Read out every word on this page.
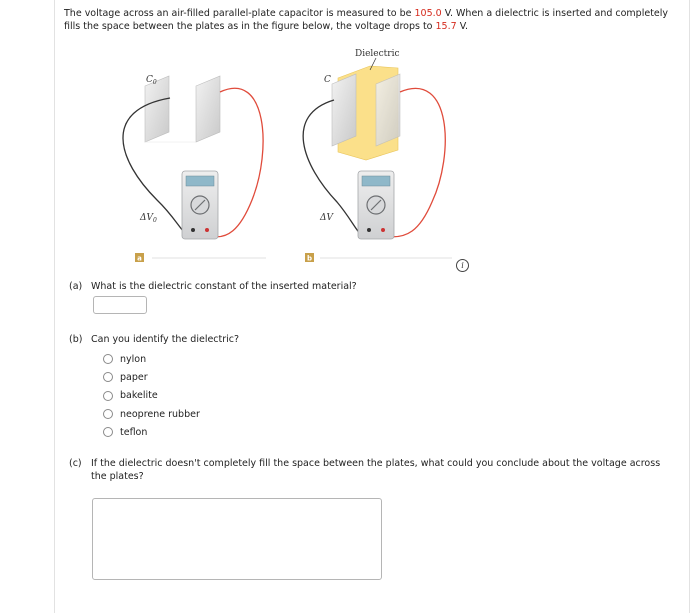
The voltage across an air-filled parallel-plate capacitor is measured to be 105.0 V. When a dielectric is inserted and completely fills the space between the plates as in the figure below, the voltage drops to 15.7 V.
$C_0$
$\Delta V_0$
a
Dielectric
C
ΔV
b
i
(a) What is the dielectric constant of the inserted material?
(b) Can you identify the dielectric?
nylon
paper
bakelite
neoprene rubber
teflon
(c) If the dielectric doesn't completely fill the space between the plates, what could you conclude about the voltage across the plates?
